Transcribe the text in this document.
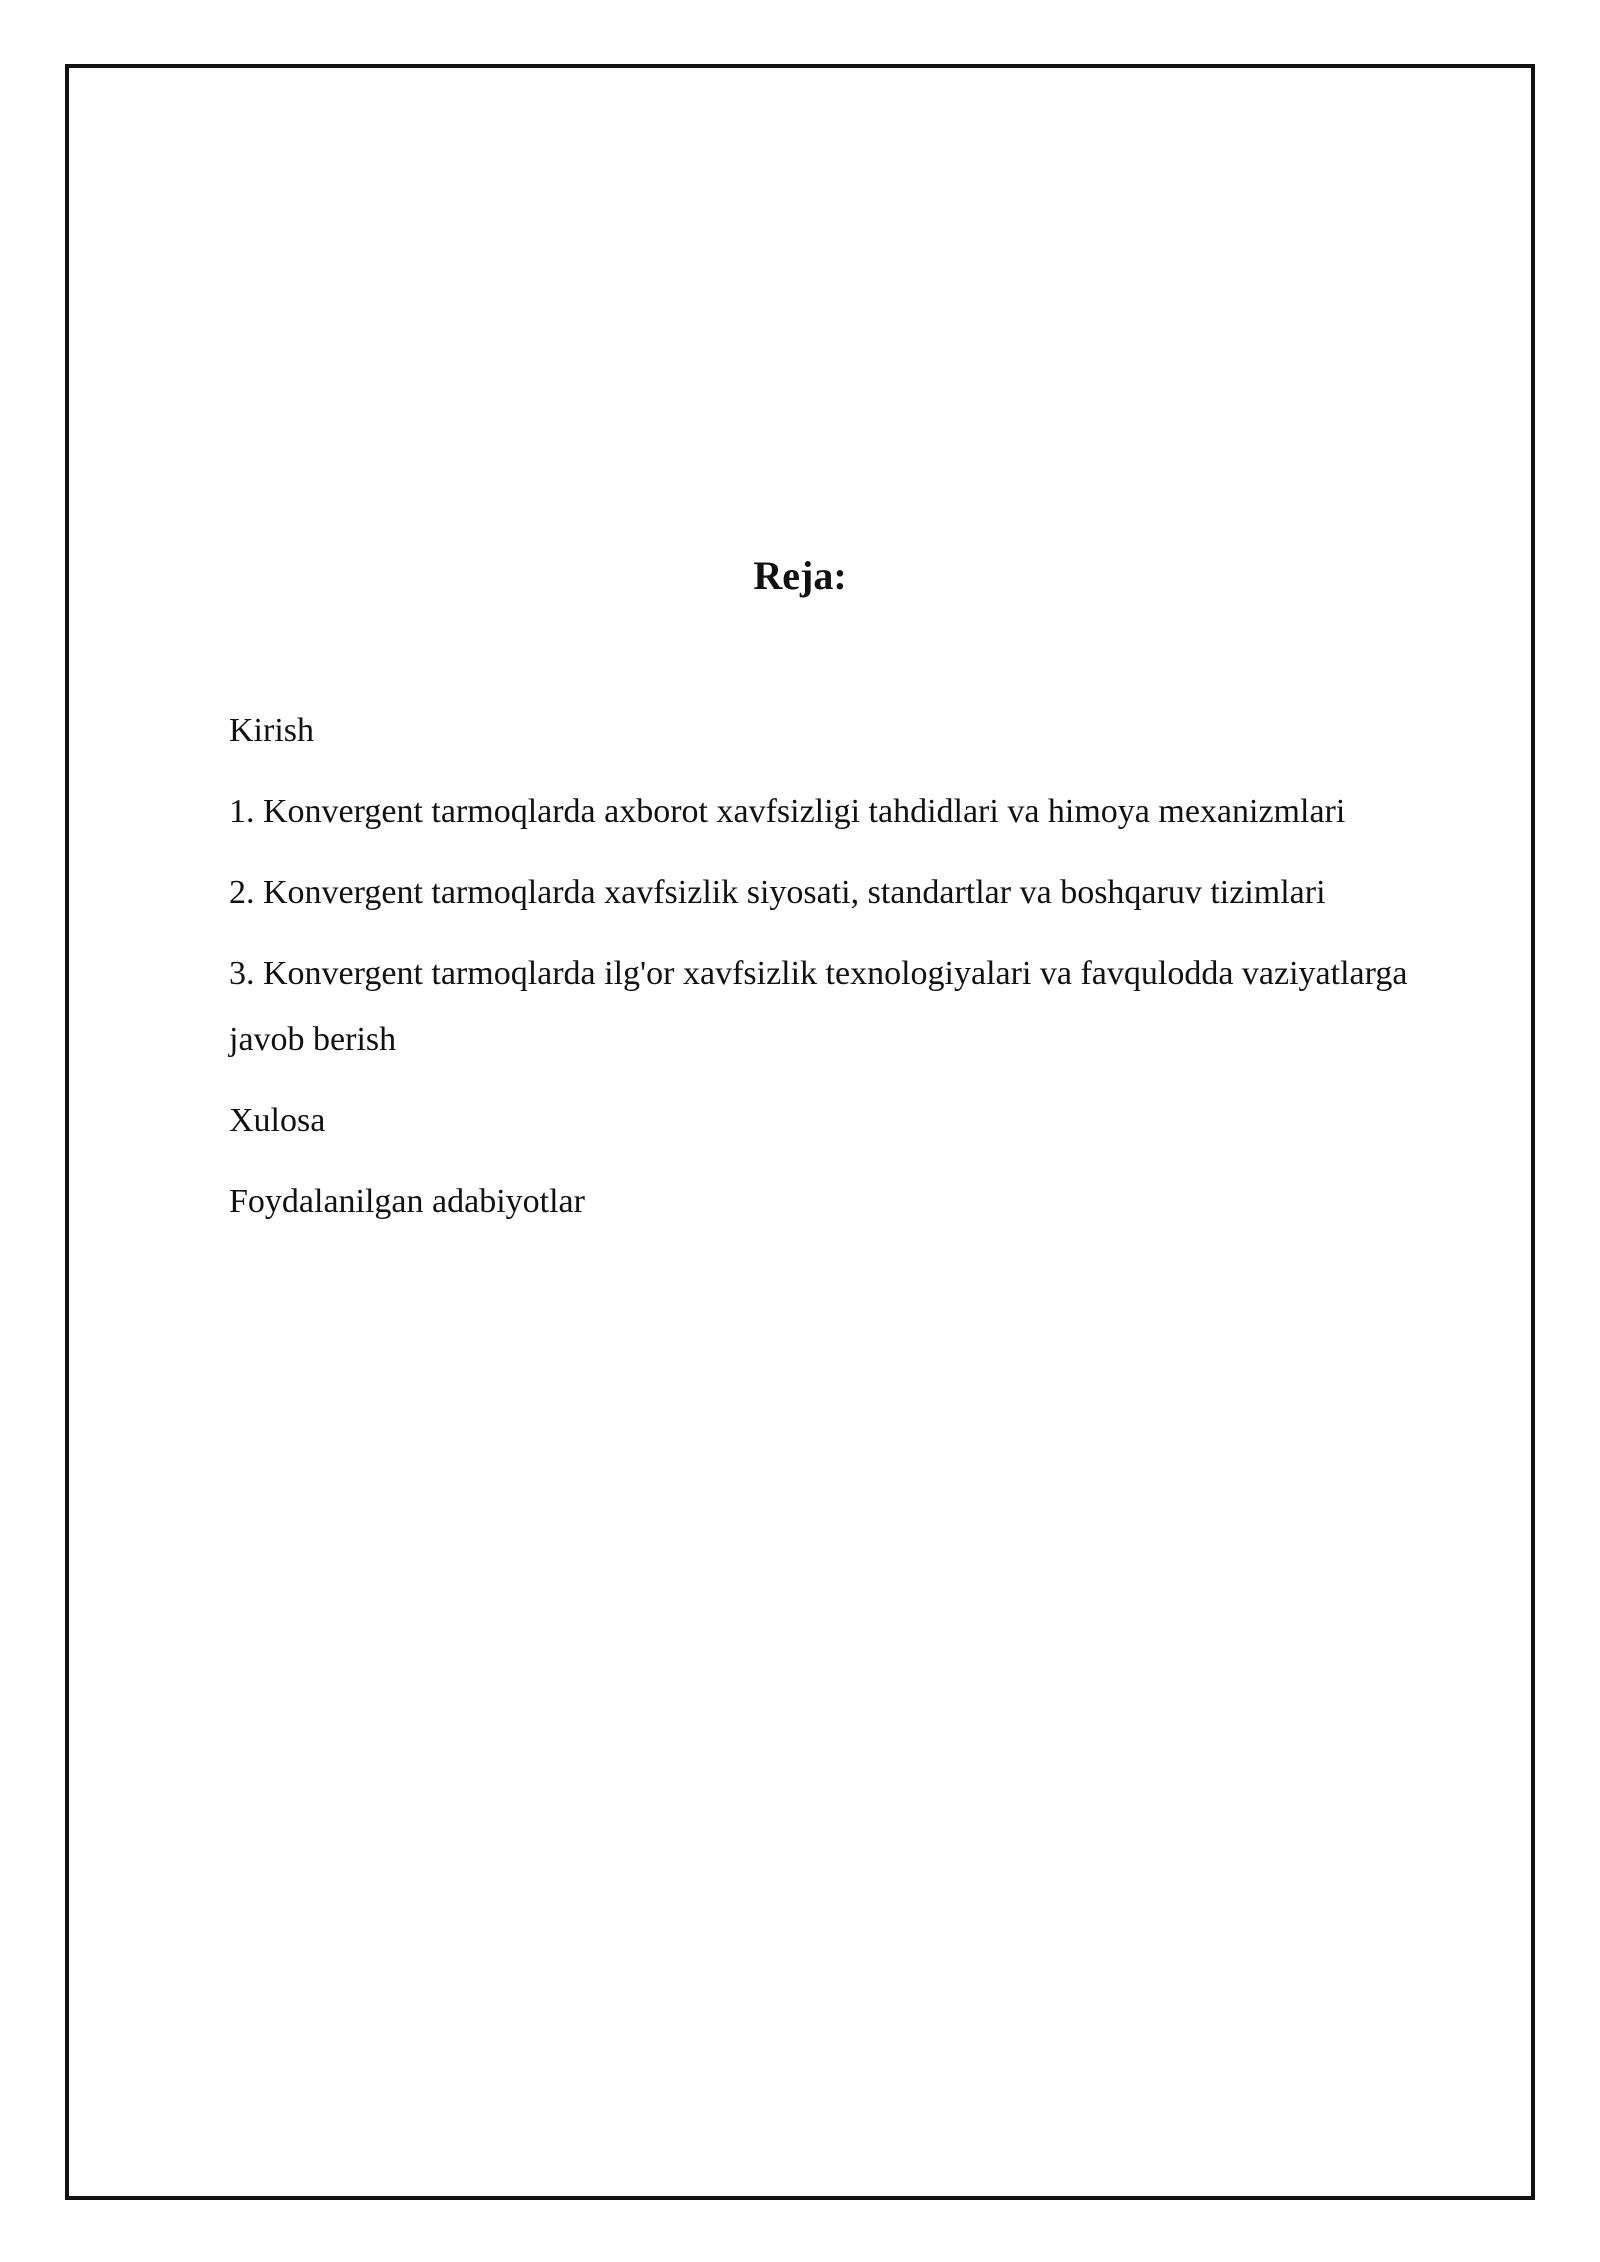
Reja:
Kirish
1. Konvergent tarmoqlarda axborot xavfsizligi tahdidlari va himoya mexanizmlari
2. Konvergent tarmoqlarda xavfsizlik siyosati, standartlar va boshqaruv tizimlari
3. Konvergent tarmoqlarda ilg'or xavfsizlik texnologiyalari va favqulodda vaziyatlarga javob berish
Xulosa
Foydalanilgan adabiyotlar
